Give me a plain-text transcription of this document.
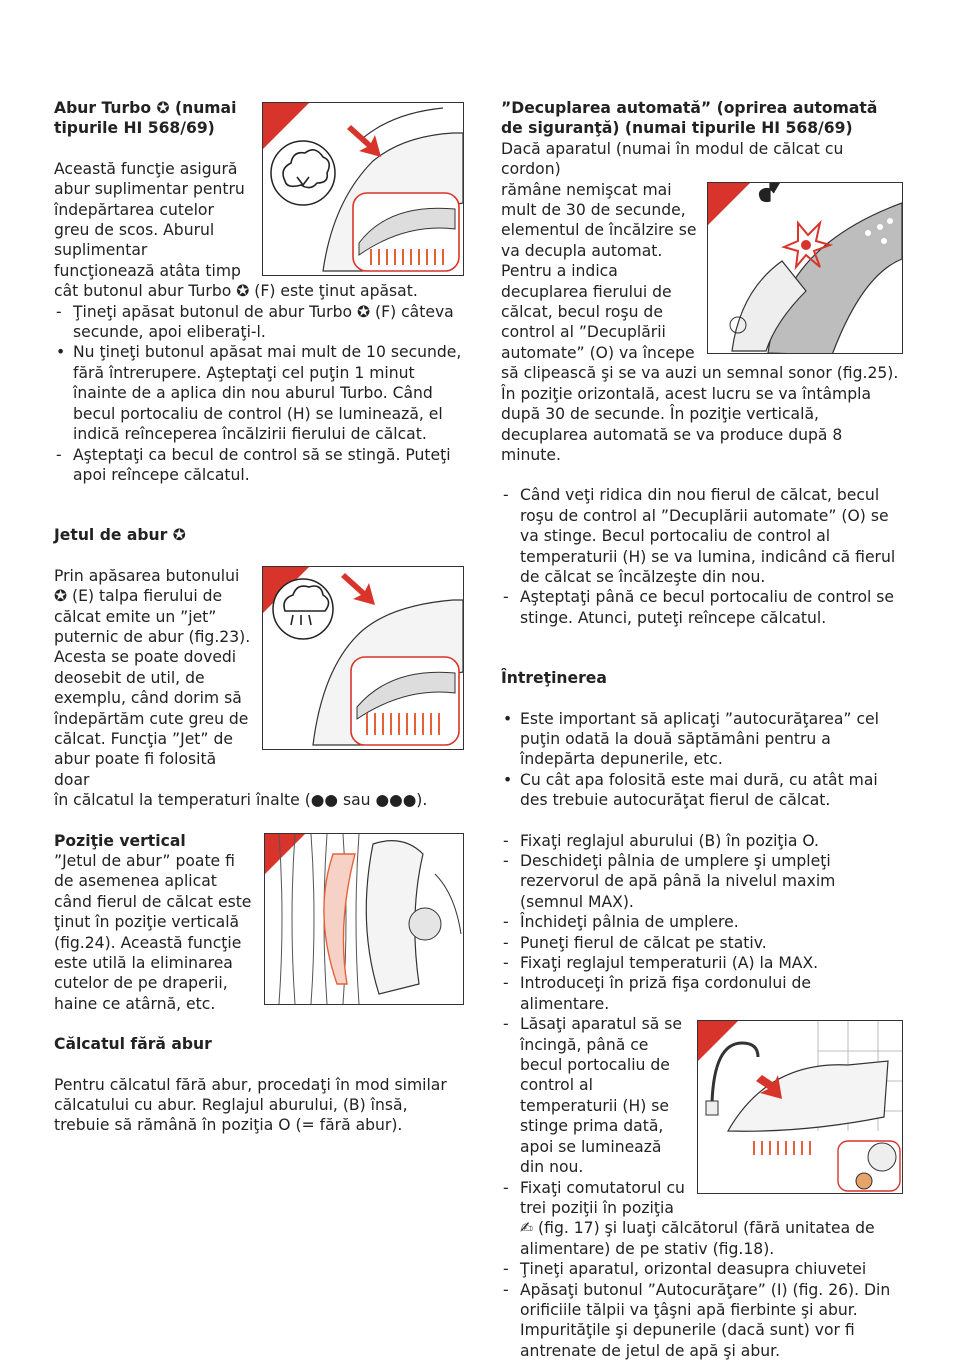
Abur Turbo ✪ (numai tipurile HI 568/69)

Această funcţie asigură abur suplimentar pentru îndepărtarea cutelor greu de scos. Aburul suplimentar funcţionează atâta timp cât butonul abur Turbo ✪ (F) este ţinut apăsat.

- Ţineţi apăsat butonul de abur Turbo ✪ (F) câteva secunde, apoi eliberaţi-l.
• Nu ţineţi butonul apăsat mai mult de 10 secunde, fără întrerupere. Aşteptaţi cel puţin 1 minut înainte de a aplica din nou aburul Turbo. Când becul portocaliu de control (H) se luminează, el indică reînceperea încălzirii fierului de călcat.
- Aşteptaţi ca becul de control să se stingă. Puteţi apoi reîncepe călcatul.

Jetul de abur ✪

Prin apăsarea butonului ✪ (E) talpa fierului de călcat emite un ”jet” puternic de abur (fig.23). Acesta se poate dovedi deosebit de util, de exemplu, când dorim să îndepărtăm cute greu de călcat. Funcţia ”Jet” de abur poate fi folosită doar

în călcatul la temperaturi înalte (●● sau ●●●).

Poziţie vertical

”Jetul de abur” poate fi de asemenea aplicat când fierul de călcat este ţinut în poziţie verticală (fig.24). Această funcţie este utilă la eliminarea cutelor de pe draperii, haine ce atârnă, etc.

Călcatul fără abur

Pentru călcatul fără abur, procedaţi în mod similar călcatului cu abur. Reglajul aburului, (B) însă, trebuie să rămână în poziţia O (= fără abur).

”Decuplarea automată” (oprirea automată de siguranţă) (numai tipurile HI 568/69)

Dacă aparatul (numai în modul de călcat cu cordon)

rămâne nemişcat mai mult de 30 de secunde, elementul de încălzire se va decupla automat. Pentru a indica decuplarea fierului de călcat, becul roşu de control al ”Decuplării automate” (O) va începe

să clipească şi se va auzi un semnal sonor (fig.25). În poziţie orizontală, acest lucru se va întâmpla după 30 de secunde. În poziţie verticală, decuplarea automată se va produce după 8 minute.

- Când veţi ridica din nou fierul de călcat, becul roşu de control al ”Decuplării automate” (O) se va stinge. Becul portocaliu de control al temperaturii (H) se va lumina, indicând că fierul de călcat se încălzeşte din nou.
- Aşteptaţi până ce becul portocaliu de control se stinge. Atunci, puteţi reîncepe călcatul.

Întreţinerea

• Este important să aplicaţi ”autocurăţarea” cel puţin odată la două săptămâni pentru a îndepărta depunerile, etc.
• Cu cât apa folosită este mai dură, cu atât mai des trebuie autocurăţat fierul de călcat.
- Fixaţi reglajul aburului (B) în poziţia O.
- Deschideţi pâlnia de umplere şi umpleţi rezervorul de apă până la nivelul maxim (semnul MAX).
- Închideţi pâlnia de umplere.
- Puneţi fierul de călcat pe stativ.
- Fixaţi reglajul temperaturii (A) la MAX.
- Introduceţi în priză fişa cordonului de alimentare.
- Lăsaţi aparatul să se încingă, până ce becul portocaliu de control al temperaturii (H) se stinge prima dată, apoi se luminează din nou.
- Fixaţi comutatorul cu trei poziţii în poziţia ✍ (fig. 17) şi luaţi călcătorul (fără unitatea de alimentare) de pe stativ (fig.18).
- Ţineţi aparatul, orizontal deasupra chiuvetei
- Apăsaţi butonul ”Autocurăţare” (I) (fig. 26). Din orificiile tălpii va ţâşni apă fierbinte şi abur. Impurităţile şi depunerile (dacă sunt) vor fi antrenate de jetul de apă şi abur.
